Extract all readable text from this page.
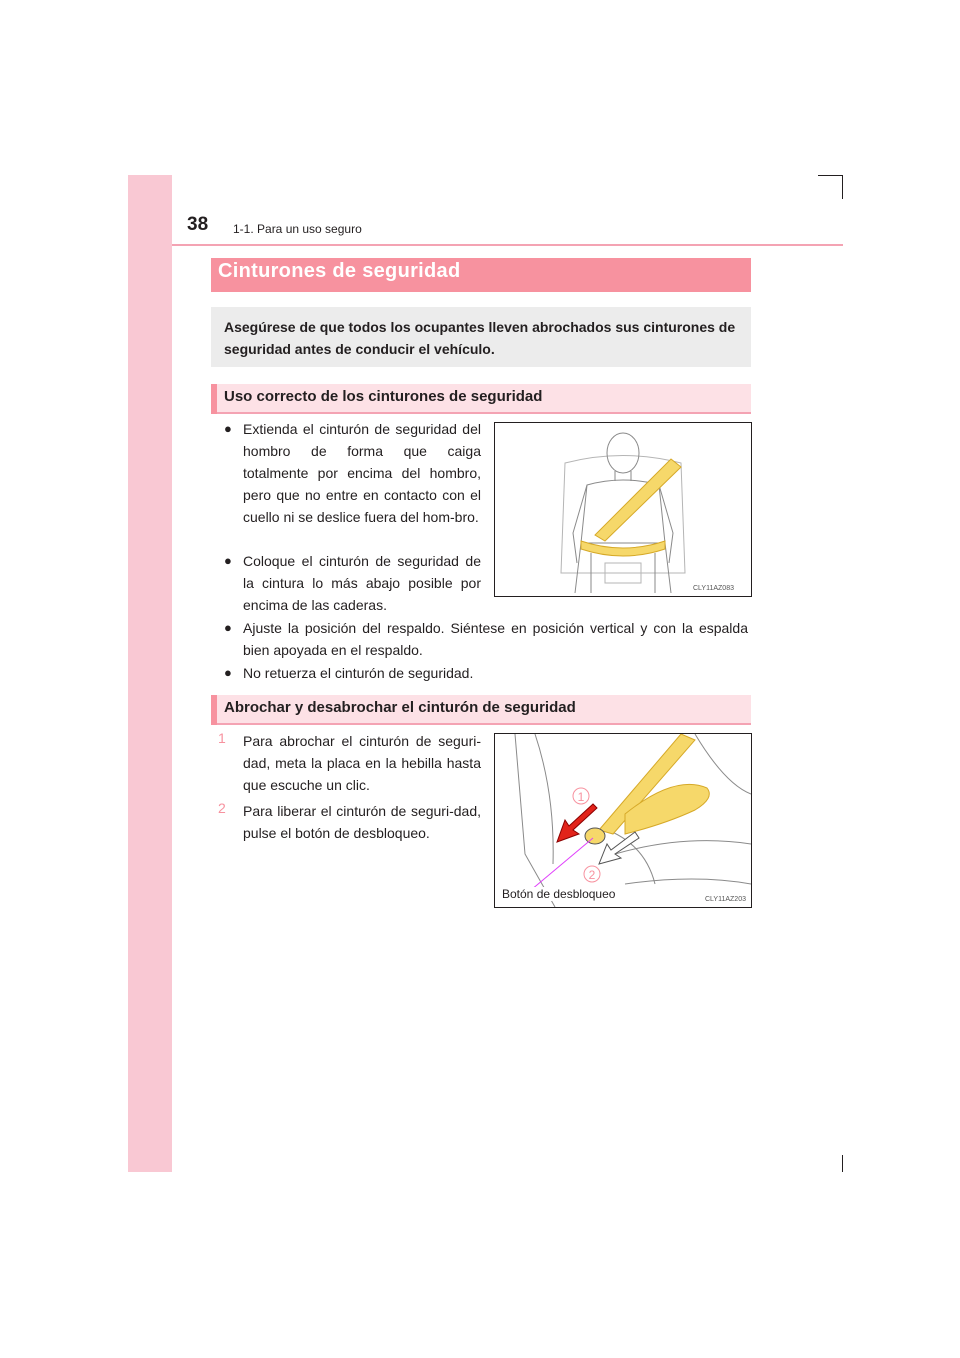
38 1-1. Para un uso seguro
Cinturones de seguridad
Asegúrese de que todos los ocupantes lleven abrochados sus cinturones de seguridad antes de conducir el vehículo.
Uso correcto de los cinturones de seguridad
● Extienda el cinturón de seguridad del hombro de forma que caiga totalmente por encima del hombro, pero que no entre en contacto con el cuello ni se deslice fuera del hom-bro.
● Coloque el cinturón de seguridad de la cintura lo más abajo posible por encima de las caderas.
● Ajuste la posición del respaldo. Siéntese en posición vertical y con la espalda bien apoyada en el respaldo.
● No retuerza el cinturón de seguridad.
CLY11AZ083
Abrochar y desabrochar el cinturón de seguridad
1 Para abrochar el cinturón de seguri-dad, meta la placa en la hebilla hasta que escuche un clic.
2 Para liberar el cinturón de seguri-dad, pulse el botón de desbloqueo.
1
2
Botón de desbloqueo	CLY11AZ203
